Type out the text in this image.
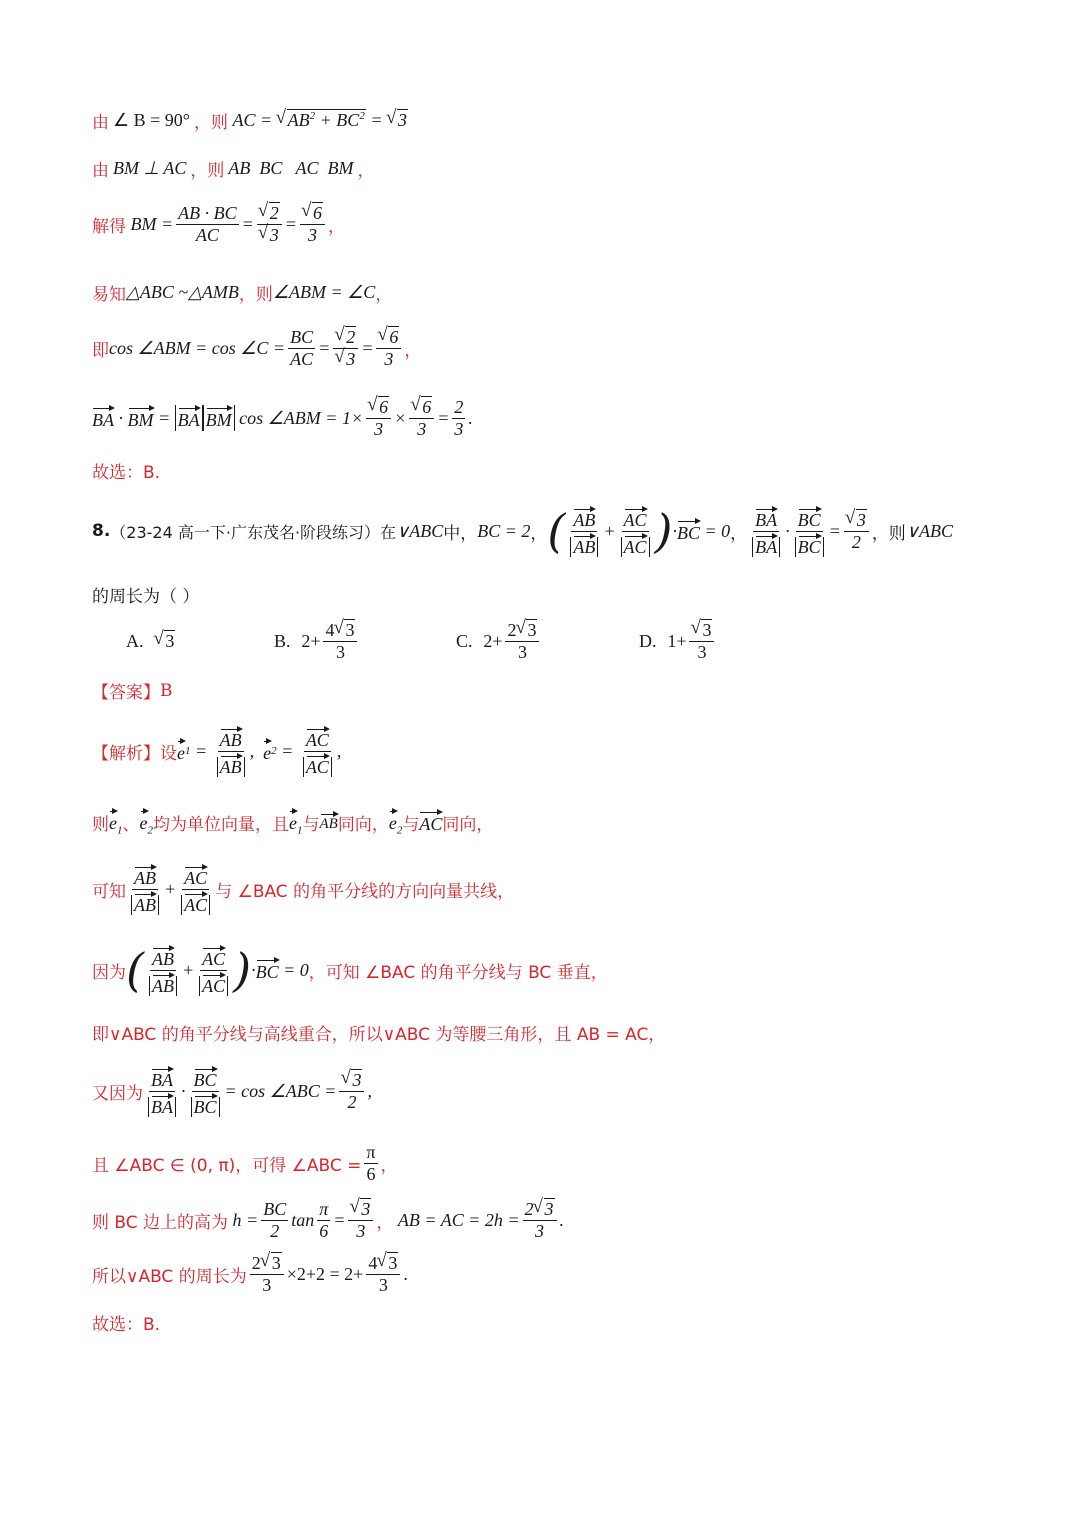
由 ∠ B = 90° ，则 AC = √ $AB^2 + BC^2$ = √ 3
由 BM ⊥ AC ，则 AB  BC   AC  BM ，
解得 BM = $\frac{AB \cdot BC}{AC}$ = √ 2
√ 3 = √ $\frac{6}{3}$ ，
易知 △ABC ~△AMB ，则 ∠ABM = ∠C ，
即 cos ∠ABM = cos ∠C = $\frac{BC}{AC}$ = √ 2
√ 3 = √ $\frac{6}{3}$ ，
BA · BM = BA BM cos ∠ABM = 1× √ $\frac{6}{3}$ × √ $\frac{6}{3} = \frac{2}{3}$ .
故选：B.
8. （23-24 高一下·广东茂名·阶段练习）在 ∨ABC 中， BC = 2 ， ( $\frac{AB}{AB} + \frac{AC}{AC}$ ) · BC = 0 ， $\frac{BA}{BA} \cdot \frac{BC}{BC}$ = √ $\frac{3}{2}$ ，则 ∨ABC
的周长为（ ）
A.
	√ 3	B.
$2+ \frac{4 √ 3}{3}$	C.
$2+ \frac{2 √ 3}{3}$	D.
1+ √ $\frac{3}{3}$
【答案】 B
【解析】 设 e $1 = \frac{AB}{AB}$ , e $2 = \frac{AC}{AC}$ ,
则 $e_1$ 、 $e_2$ 均为单位向量，且 $e_1$ 与 AB 同向， $e_2$ 与 AC 同向，
可知 $\frac{AB}{AB} + \frac{AC}{AC}$ 与 ∠BAC 的角平分线的方向向量共线，
因为 ( $\frac{AB}{AB} + \frac{AC}{AC}$ ) · BC = 0 ，可知 ∠BAC 的角平分线与 BC 垂直，
即∨ABC 的角平分线与高线重合，所以∨ABC 为等腰三角形，且 AB = AC，
又因为 $\frac{BA}{BA} \cdot \frac{BC}{BC} = \cos$ ∠ABC = √ $\frac{3}{2}$ ,
且 ∠ABC ∈ (0, π)，可得 ∠ABC = $\frac{\pi}{6}$ ，
则 BC 边上的高为 $h = \frac{BC}{2}$ $\tan \frac{\pi}{6}$ = √ $\frac{3}{3}$ ， AB = AC = $2h = \frac{2 √ 3}{3}$ .
所以∨ABC 的周长为 $\frac{2 √ 3}{3} \times 2+2 = 2+ \frac{4 √ 3}{3}$ .
故选：B.
